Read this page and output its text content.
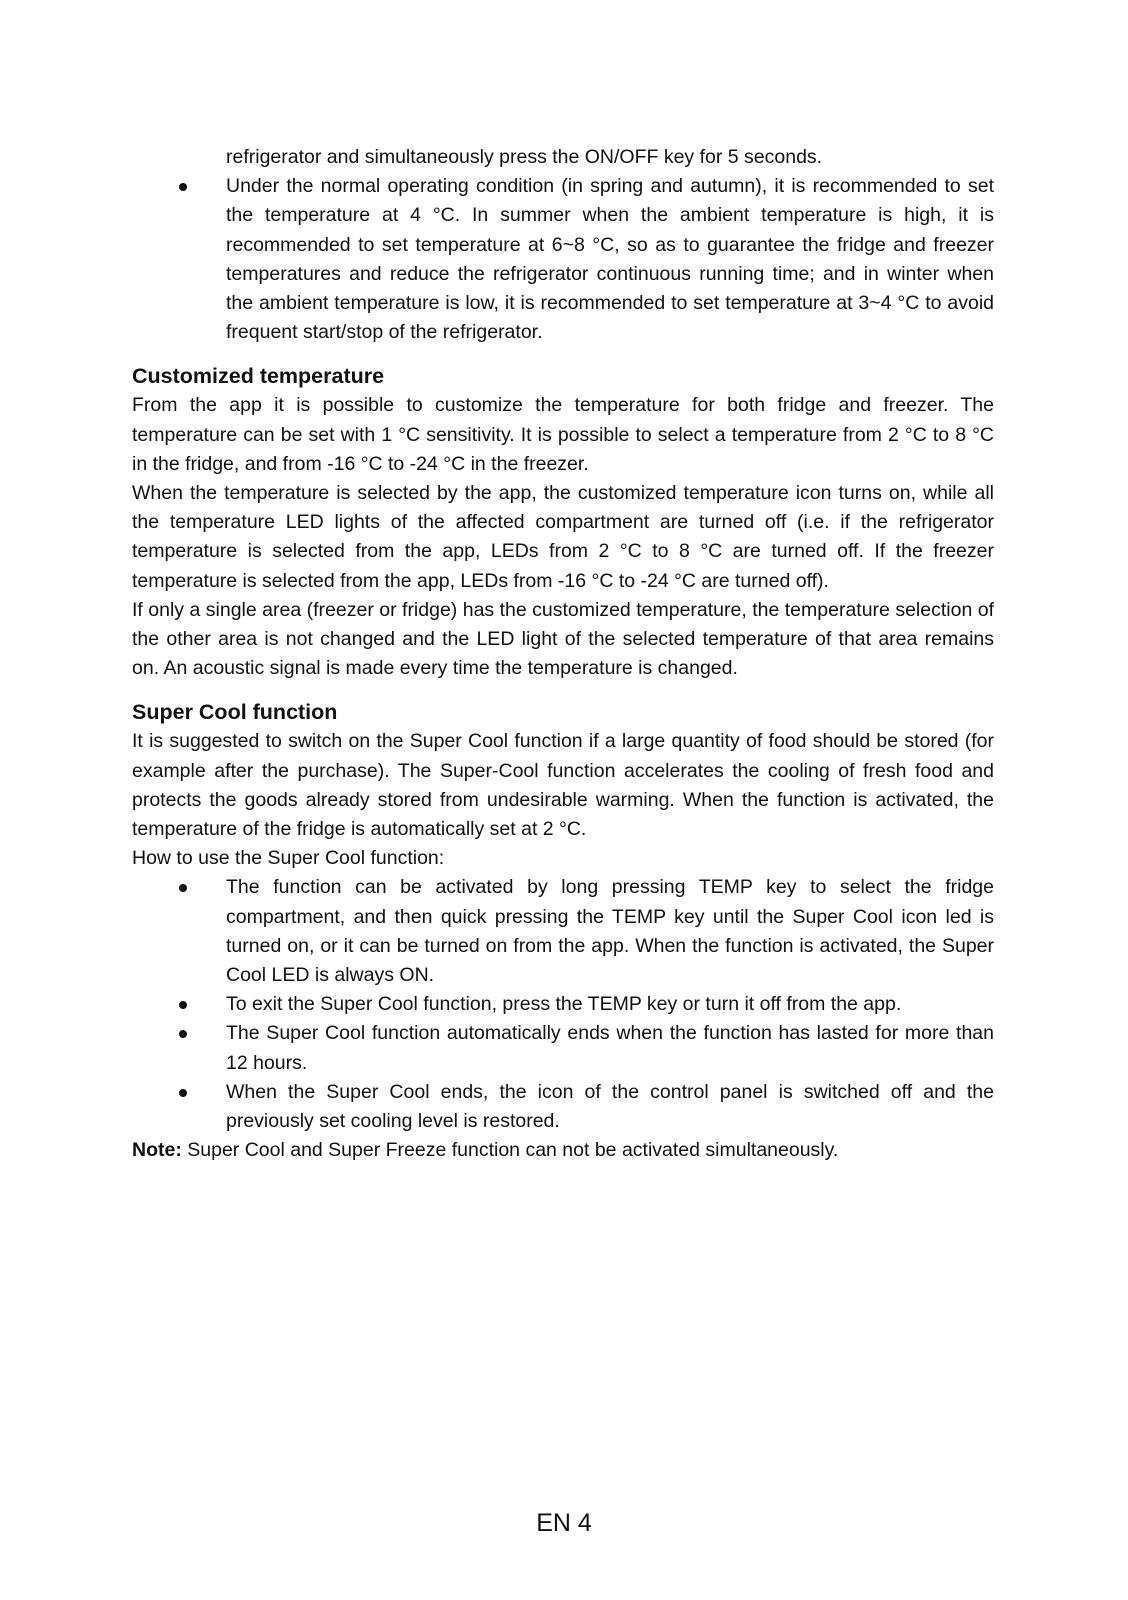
refrigerator and simultaneously press the ON/OFF key for 5 seconds.

Under the normal operating condition (in spring and autumn), it is recommended to set the temperature at 4 °C. In summer when the ambient temperature is high, it is recommended to set temperature at 6~8 °C, so as to guarantee the fridge and freezer temperatures and reduce the refrigerator continuous running time; and in winter when the ambient temperature is low, it is recommended to set temperature at 3~4 °C to avoid frequent start/stop of the refrigerator.
Customized temperature

From the app it is possible to customize the temperature for both fridge and freezer. The temperature can be set with 1 °C sensitivity. It is possible to select a temperature from 2 °C to 8 °C in the fridge, and from -16 °C to -24 °C in the freezer.

When the temperature is selected by the app, the customized temperature icon turns on, while all the temperature LED lights of the affected compartment are turned off (i.e. if the refrigerator temperature is selected from the app, LEDs from 2 °C to 8 °C are turned off. If the freezer temperature is selected from the app, LEDs from -16 °C to -24 °C are turned off).

If only a single area (freezer or fridge) has the customized temperature, the temperature selection of the other area is not changed and the LED light of the selected temperature of that area remains on. An acoustic signal is made every time the temperature is changed.

Super Cool function

It is suggested to switch on the Super Cool function if a large quantity of food should be stored (for example after the purchase). The Super-Cool function accelerates the cooling of fresh food and protects the goods already stored from undesirable warming. When the function is activated, the temperature of the fridge is automatically set at 2 °C.

How to use the Super Cool function:

The function can be activated by long pressing TEMP key to select the fridge compartment, and then quick pressing the TEMP key until the Super Cool icon led is turned on, or it can be turned on from the app. When the function is activated, the Super Cool LED is always ON.
To exit the Super Cool function, press the TEMP key or turn it off from the app.
The Super Cool function automatically ends when the function has lasted for more than 12 hours.
When the Super Cool ends, the icon of the control panel is switched off and the previously set cooling level is restored.

Note: Super Cool and Super Freeze function can not be activated simultaneously.

EN 4
